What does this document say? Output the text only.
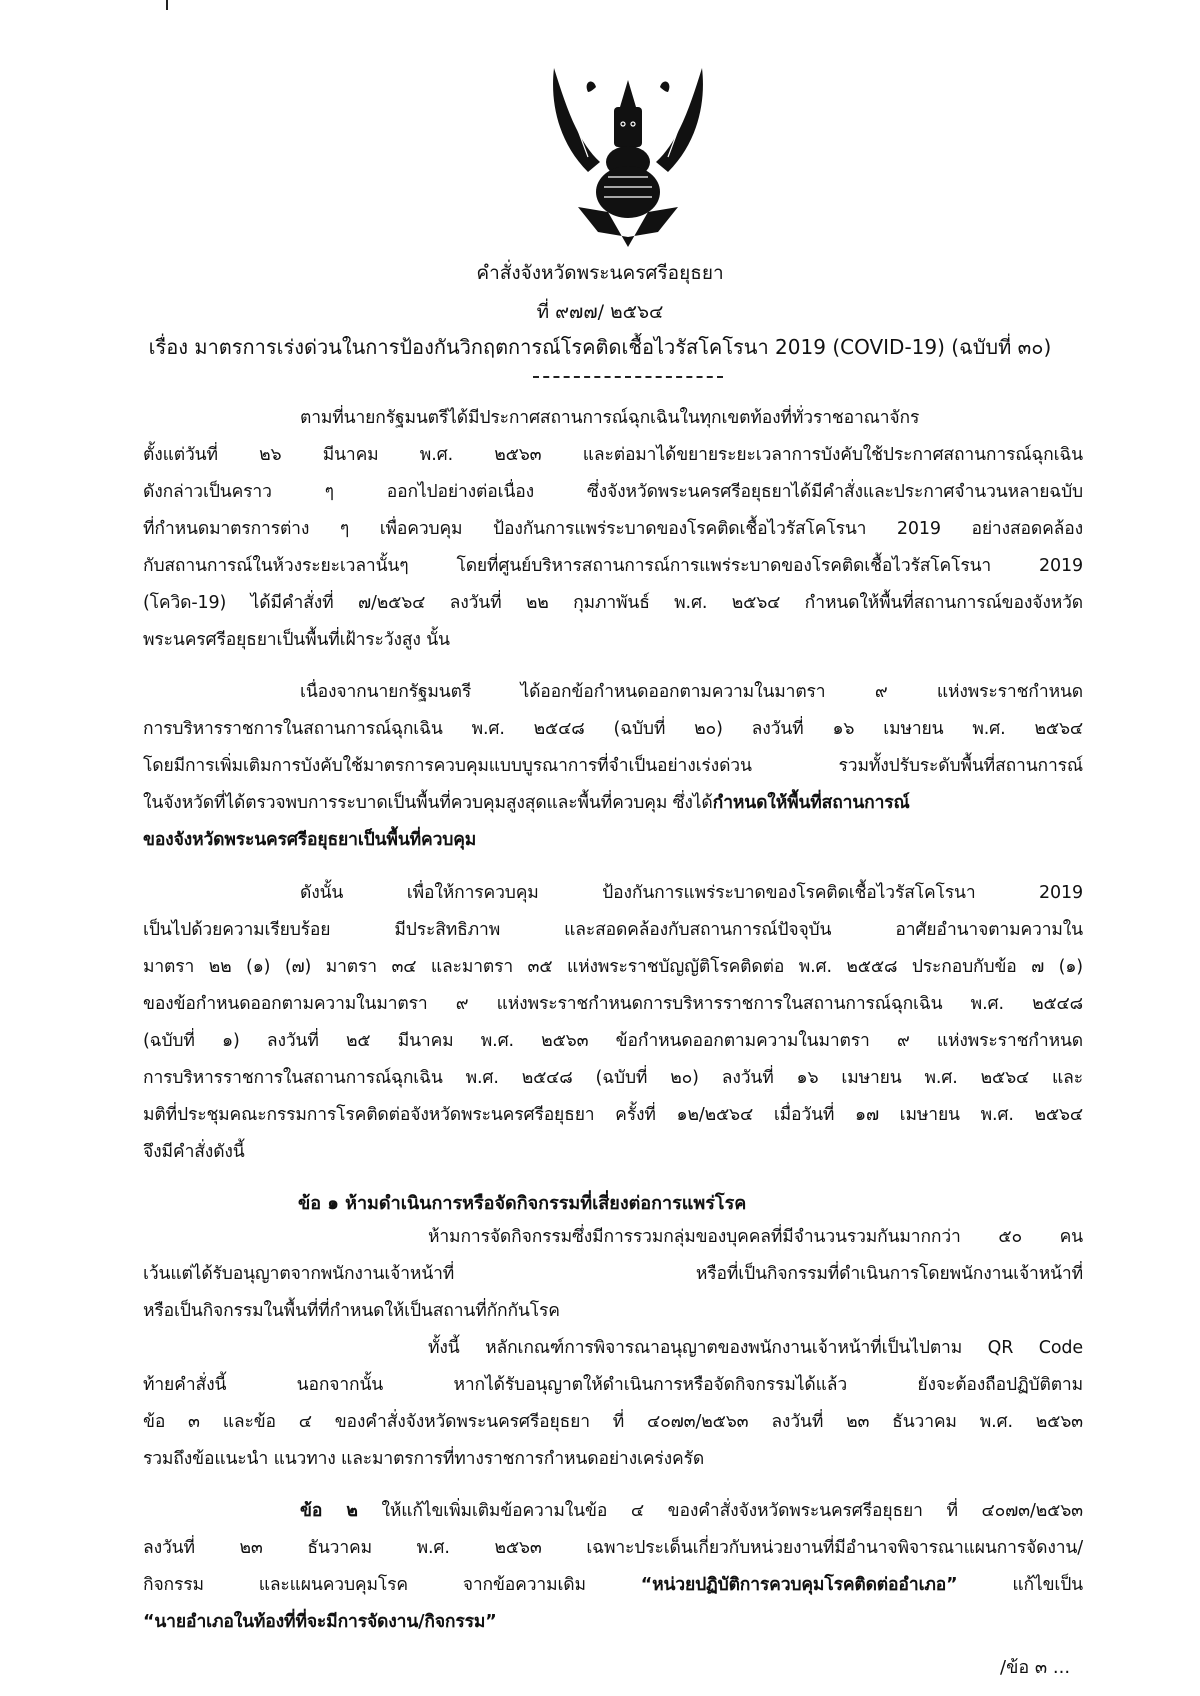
คำสั่งจังหวัดพระนครศรีอยุธยา
ที่ ๙๗๗/ ๒๕๖๔
เรื่อง มาตรการเร่งด่วนในการป้องกันวิกฤตการณ์โรคติดเชื้อไวรัสโคโรนา 2019 (COVID-19) (ฉบับที่ ๓๐)
ตามที่นายกรัฐมนตรีได้มีประกาศสถานการณ์ฉุกเฉินในทุกเขตท้องที่ทั่วราชอาณาจักร
ตั้งแต่วันที่ ๒๖ มีนาคม พ.ศ. ๒๕๖๓ และต่อมาได้ขยายระยะเวลาการบังคับใช้ประกาศสถานการณ์ฉุกเฉิน
ดังกล่าวเป็นคราว ๆ ออกไปอย่างต่อเนื่อง ซึ่งจังหวัดพระนครศรีอยุธยาได้มีคำสั่งและประกาศจำนวนหลายฉบับ
ที่กำหนดมาตรการต่าง ๆ เพื่อควบคุม ป้องกันการแพร่ระบาดของโรคติดเชื้อไวรัสโคโรนา 2019 อย่างสอดคล้อง
กับสถานการณ์ในห้วงระยะเวลานั้นๆ โดยที่ศูนย์บริหารสถานการณ์การแพร่ระบาดของโรคติดเชื้อไวรัสโคโรนา 2019
(โควิด-19) ได้มีคำสั่งที่ ๗/๒๕๖๔ ลงวันที่ ๒๒ กุมภาพันธ์ พ.ศ. ๒๕๖๔ กำหนดให้พื้นที่สถานการณ์ของจังหวัด
พระนครศรีอยุธยาเป็นพื้นที่เฝ้าระวังสูง นั้น
เนื่องจากนายกรัฐมนตรี ได้ออกข้อกำหนดออกตามความในมาตรา ๙ แห่งพระราชกำหนด
การบริหารราชการในสถานการณ์ฉุกเฉิน พ.ศ. ๒๕๔๘ (ฉบับที่ ๒๐) ลงวันที่ ๑๖ เมษายน พ.ศ. ๒๕๖๔
โดยมีการเพิ่มเติมการบังคับใช้มาตรการควบคุมแบบบูรณาการที่จำเป็นอย่างเร่งด่วน รวมทั้งปรับระดับพื้นที่สถานการณ์
ในจังหวัดที่ได้ตรวจพบการระบาดเป็นพื้นที่ควบคุมสูงสุดและพื้นที่ควบคุม ซึ่งได้กำหนดให้พื้นที่สถานการณ์
ของจังหวัดพระนครศรีอยุธยาเป็นพื้นที่ควบคุม
ดังนั้น เพื่อให้การควบคุม ป้องกันการแพร่ระบาดของโรคติดเชื้อไวรัสโคโรนา 2019
เป็นไปด้วยความเรียบร้อย มีประสิทธิภาพ และสอดคล้องกับสถานการณ์ปัจจุบัน อาศัยอำนาจตามความใน
มาตรา ๒๒ (๑) (๗) มาตรา ๓๔ และมาตรา ๓๕ แห่งพระราชบัญญัติโรคติดต่อ พ.ศ. ๒๕๕๘ ประกอบกับข้อ ๗ (๑)
ของข้อกำหนดออกตามความในมาตรา ๙ แห่งพระราชกำหนดการบริหารราชการในสถานการณ์ฉุกเฉิน พ.ศ. ๒๕๔๘
(ฉบับที่ ๑) ลงวันที่ ๒๕ มีนาคม พ.ศ. ๒๕๖๓ ข้อกำหนดออกตามความในมาตรา ๙ แห่งพระราชกำหนด
การบริหารราชการในสถานการณ์ฉุกเฉิน พ.ศ. ๒๕๔๘ (ฉบับที่ ๒๐) ลงวันที่ ๑๖ เมษายน พ.ศ. ๒๕๖๔ และ
มติที่ประชุมคณะกรรมการโรคติดต่อจังหวัดพระนครศรีอยุธยา ครั้งที่ ๑๒/๒๕๖๔ เมื่อวันที่ ๑๗ เมษายน พ.ศ. ๒๕๖๔
จึงมีคำสั่งดังนี้
ข้อ ๑ ห้ามดำเนินการหรือจัดกิจกรรมที่เสี่ยงต่อการแพร่โรค
ห้ามการจัดกิจกรรมซึ่งมีการรวมกลุ่มของบุคคลที่มีจำนวนรวมกันมากกว่า ๕๐ คน
เว้นแต่ได้รับอนุญาตจากพนักงานเจ้าหน้าที่ หรือที่เป็นกิจกรรมที่ดำเนินการโดยพนักงานเจ้าหน้าที่
หรือเป็นกิจกรรมในพื้นที่ที่กำหนดให้เป็นสถานที่กักกันโรค
ทั้งนี้ หลักเกณฑ์การพิจารณาอนุญาตของพนักงานเจ้าหน้าที่เป็นไปตาม QR Code
ท้ายคำสั่งนี้ นอกจากนั้น หากได้รับอนุญาตให้ดำเนินการหรือจัดกิจกรรมได้แล้ว ยังจะต้องถือปฏิบัติตาม
ข้อ ๓ และข้อ ๔ ของคำสั่งจังหวัดพระนครศรีอยุธยา ที่ ๔๐๗๓/๒๕๖๓ ลงวันที่ ๒๓ ธันวาคม พ.ศ. ๒๕๖๓
รวมถึงข้อแนะนำ แนวทาง และมาตรการที่ทางราชการกำหนดอย่างเคร่งครัด
ข้อ ๒ ให้แก้ไขเพิ่มเติมข้อความในข้อ ๔ ของคำสั่งจังหวัดพระนครศรีอยุธยา ที่ ๔๐๗๓/๒๕๖๓
ลงวันที่ ๒๓ ธันวาคม พ.ศ. ๒๕๖๓ เฉพาะประเด็นเกี่ยวกับหน่วยงานที่มีอำนาจพิจารณาแผนการจัดงาน/
กิจกรรม และแผนควบคุมโรค จากข้อความเดิม “หน่วยปฏิบัติการควบคุมโรคติดต่ออำเภอ” แก้ไขเป็น
“นายอำเภอในท้องที่ที่จะมีการจัดงาน/กิจกรรม”
/ข้อ ๓ ...
